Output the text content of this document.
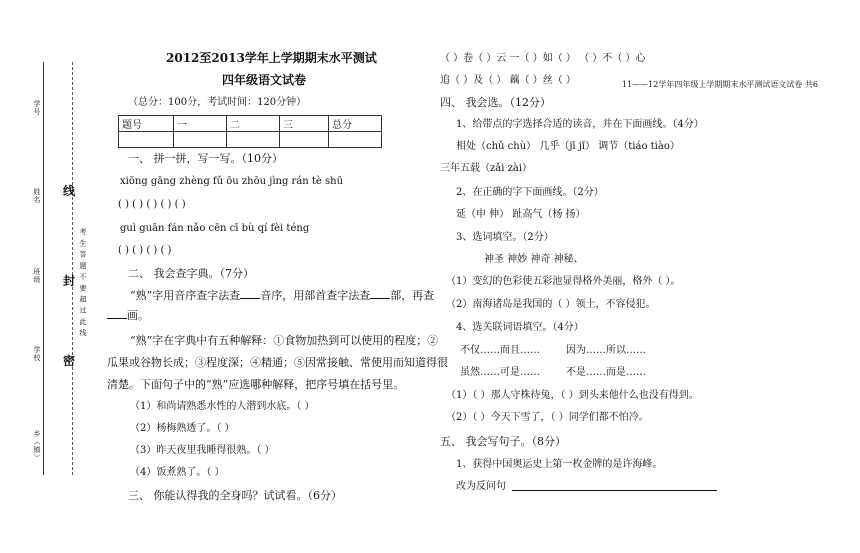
学号
姓名
班级
学校
乡（镇）
线
封
密
考 生 答 题 不 要 超 过 此 线
2012至2013学年上学期期末水平测试
四年级语文试卷
（总分：100分，考试时间：120分钟）
题号	一	二	三	总分

一、 拼一拼，写一写。（10分）
xiōng gāng zhèng fǔ ōu zhōu jìng rán tè shū
( ) ( ) ( ) ( ) ( )
guì guān fán nǎo cēn cī bù qí fèi téng
( ) ( ) ( ) ( )
二、 我会查字典。（7分）
“熟”字用音序查字法查 音序，用部首查字法查 部，再查
画。
“熟”字在字典中有五种解释：①食物加热到可以使用的程度；②
瓜果或谷物长成；③程度深；④精通；⑤因常接触、常使用而知道得很
清楚。下面句子中的“熟”应选哪种解释，把序号填在括号里。
（1）和尚请熟悉水性的人潜到水底。（ ）
（2）杨梅熟透了。（ ）
（3）昨天夜里我睡得很熟。（ ）
（4）饭煮熟了。（ ）
三、 你能认得我的全身吗？试试看。（6分）
（ ）卷（ ）云 一（ ）如（ ） （ ）不（ ）心
追（ ）及（ ） 藕（ ）丝（ ）	11——12学年四年级上学期期末水平测试语文试卷 共6
四、 我会选。（12分）
1、给带点的字选择合适的读音，并在下面画线。（4分）
相处（chǔ chù） 几乎（jī jǐ） 调节（tiáo tiào）
三年五载（zǎi zài）
2、在正确的字下面画线。（2分）
延（申 伸） 趾高气（杨 扬）
3、选词填空。（2分）
神圣 神妙 神奇 神秘、
（1）变幻的色彩使五彩池显得格外美丽，格外（ ）。
（2）南海诸岛是我国的（ ）领土，不容侵犯。
4、选关联词语填空。（4分）
不仅……而且……	因为……所以……
虽然……可是……	不是……而是……
（1）（ ）那人守株待兔，（ ）到头来他什么也没有得到。
（2）（ ）今天下雪了，（ ）同学们都不怕冷。
五、 我会写句子。（8分）
1、获得中国奥运史上第一枚金牌的是许海峰。
改为反问句
